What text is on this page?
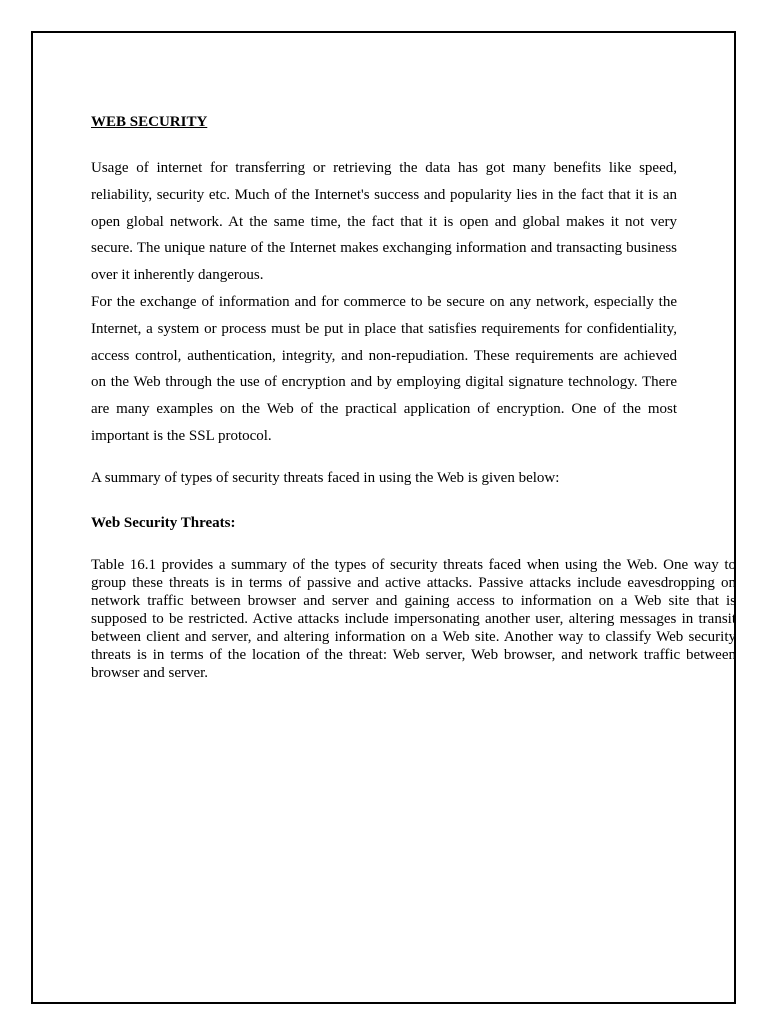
WEB SECURITY

Usage of internet for transferring or retrieving the data has got many benefits like speed, reliability, security etc. Much of the Internet's success and popularity lies in the fact that it is an open global network. At the same time, the fact that it is open and global makes it not very secure. The unique nature of the Internet makes exchanging information and transacting business over it inherently dangerous.

For the exchange of information and for commerce to be secure on any network, especially the Internet, a system or process must be put in place that satisfies requirements for confidentiality, access control, authentication, integrity, and non-repudiation. These requirements are achieved on the Web through the use of encryption and by employing digital signature technology. There are many examples on the Web of the practical application of encryption. One of the most important is the SSL protocol.

A summary of types of security threats faced in using the Web is given below:

Web Security Threats:

Table 16.1 provides a summary of the types of security threats faced when using the Web. One way to group these threats is in terms of passive and active attacks. Passive attacks include eavesdropping on network traffic between browser and server and gaining access to information on a Web site that is supposed to be restricted. Active attacks include impersonating another user, altering messages in transit between client and server, and altering information on a Web site. Another way to classify Web security threats is in terms of the location of the threat: Web server, Web browser, and network traffic between browser and server.
